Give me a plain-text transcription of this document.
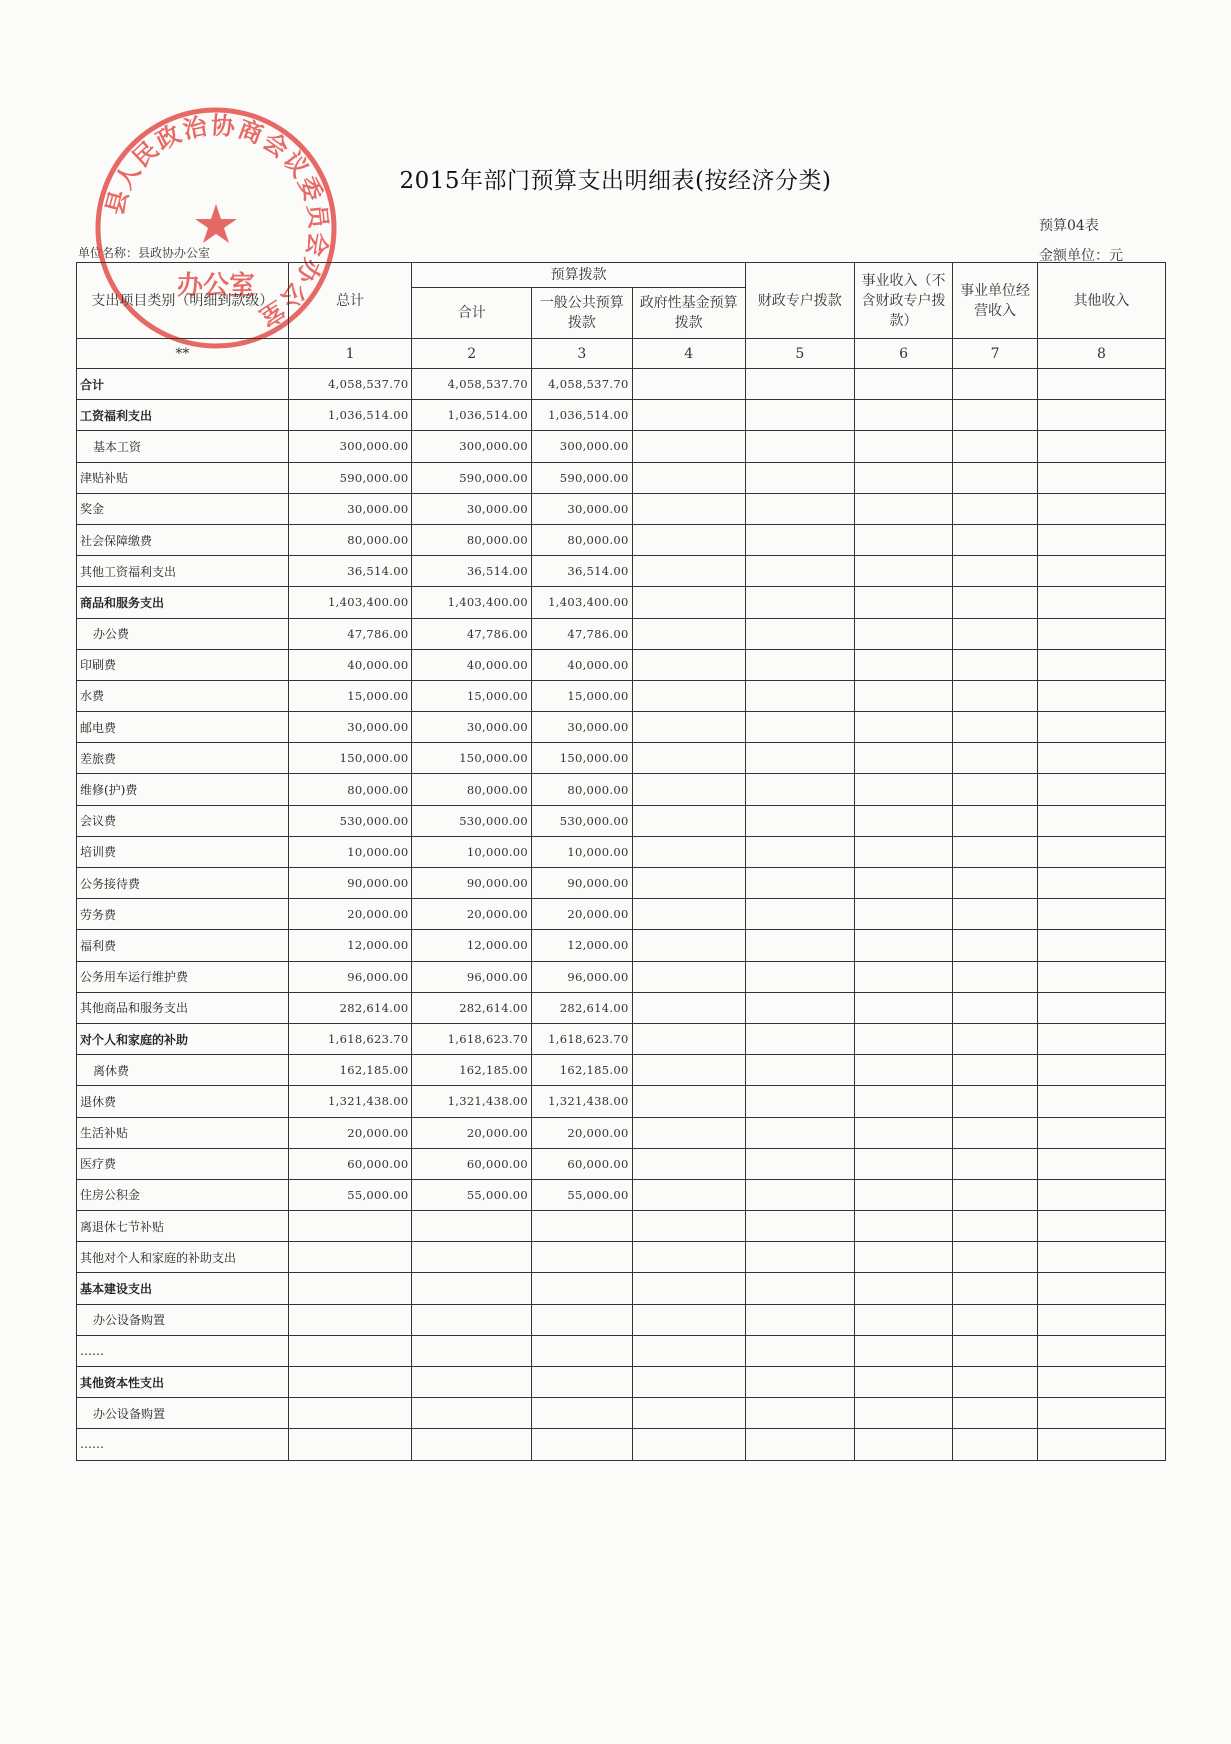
2015年部门预算支出明细表(按经济分类)
预算04表
单位名称：县政协办公室	金额单位：元
县人民政治协商会议委员会办公室
办公室
支出项目类别（明细到款级）	总计	预算拨款			财政专户拨款	事业收入（不含财政专户拨款）	事业单位经营收入	其他收入
		合计	一般公共预算拨款	政府性基金预算拨款				
**	1	2	3	4	5	6	7	8
合计	4,058,537.70	4,058,537.70	4,058,537.70					
工资福利支出	1,036,514.00	1,036,514.00	1,036,514.00					
基本工资	300,000.00	300,000.00	300,000.00					
津贴补贴	590,000.00	590,000.00	590,000.00					
奖金	30,000.00	30,000.00	30,000.00					
社会保障缴费	80,000.00	80,000.00	80,000.00					
其他工资福利支出	36,514.00	36,514.00	36,514.00					
商品和服务支出	1,403,400.00	1,403,400.00	1,403,400.00					
办公费	47,786.00	47,786.00	47,786.00					
印刷费	40,000.00	40,000.00	40,000.00					
水费	15,000.00	15,000.00	15,000.00					
邮电费	30,000.00	30,000.00	30,000.00					
差旅费	150,000.00	150,000.00	150,000.00					
维修(护)费	80,000.00	80,000.00	80,000.00					
会议费	530,000.00	530,000.00	530,000.00					
培训费	10,000.00	10,000.00	10,000.00					
公务接待费	90,000.00	90,000.00	90,000.00					
劳务费	20,000.00	20,000.00	20,000.00					
福利费	12,000.00	12,000.00	12,000.00					
公务用车运行维护费	96,000.00	96,000.00	96,000.00					
其他商品和服务支出	282,614.00	282,614.00	282,614.00					
对个人和家庭的补助	1,618,623.70	1,618,623.70	1,618,623.70					
离休费	162,185.00	162,185.00	162,185.00					
退休费	1,321,438.00	1,321,438.00	1,321,438.00					
生活补贴	20,000.00	20,000.00	20,000.00					
医疗费	60,000.00	60,000.00	60,000.00					
住房公积金	55,000.00	55,000.00	55,000.00					
离退休七节补贴								
其他对个人和家庭的补助支出								
基本建设支出								
办公设备购置								
……								
其他资本性支出								
办公设备购置								
……								
